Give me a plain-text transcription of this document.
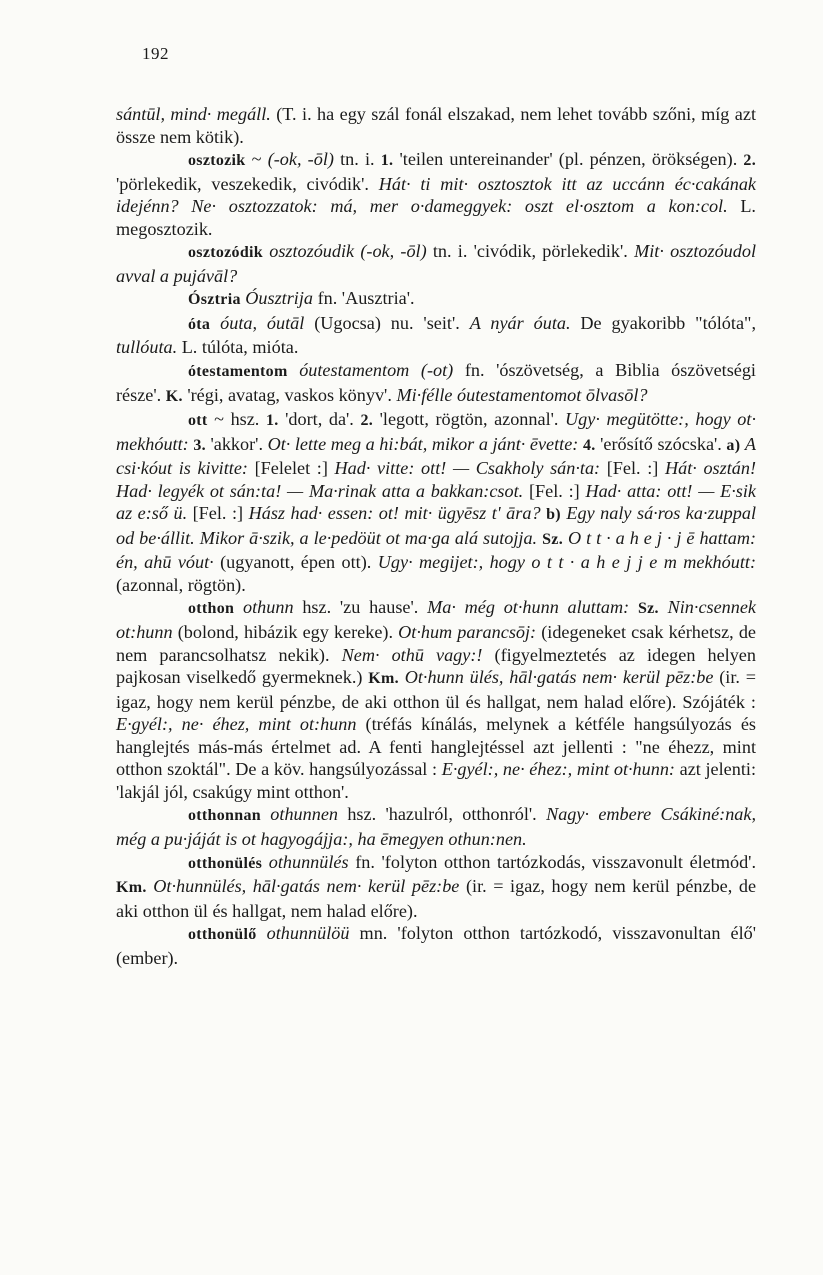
192

sántūl, mind· megáll. (T. i. ha egy szál fonál elszakad, nem lehet tovább szőni, míg azt össze nem kötik).

osztozik ~ (-ok, -ōl) tn. i. 1. 'teilen untereinander' (pl. pénzen, örökségen). 2. 'pörlekedik, veszekedik, civódik'. Hát· ti mit· osztosztok itt az uccánn éc·cakának idejénn? Ne· osztozzatok: má, mer o·dameggyek: oszt el·osztom a kon:col. L. megosztozik.

osztozódik osztozóudik (-ok, -ōl) tn. i. 'civódik, pörlekedik'. Mit· osztozóudol avval a pujávāl?

Ósztria Óusztrija fn. 'Ausztria'.

óta óuta, óutāl (Ugocsa) nu. 'seit'. A nyár óuta. De gyakoribb "tólóta", tullóuta. L. túlóta, mióta.

ótestamentom óutestamentom (-ot) fn. 'ószövetség, a Biblia ószövetségi része'. K. 'régi, avatag, vaskos könyv'. Mi·félle óutestamentomot ōlvasōl?

ott ~ hsz. 1. 'dort, da'. 2. 'legott, rögtön, azonnal'. Ugy· megütötte:, hogy ot· mekhóutt: 3. 'akkor'. Ot· lette meg a hi:bát, mikor a jánt· ēvette: 4. 'erősítő szócska'. a) A csi·kóut is kivitte: [Felelet :] Had· vitte: ott! — Csakholy sán·ta: [Fel. :] Hát· osztán! Had· legyék ot sán:ta! — Ma·rinak atta a bakkan:csot. [Fel. :] Had· atta: ott! — E·sik az e:ső ü. [Fel. :] Hász had· essen: ot! mit· ügyēsz t' āra? b) Egy naly sá·ros ka·zuppal od be·állit. Mikor ā·szik, a le·pedöüt ot ma·ga alá sutojja. Sz. O t t · a h e j · j ē hattam: én, ahū vóut· (ugyanott, épen ott). Ugy· megijet:, hogy o t t · a h e j j e m mekhóutt: (azonnal, rögtön).

otthon othunn hsz. 'zu hause'. Ma· még ot·hunn aluttam: Sz. Nin·csennek ot:hunn (bolond, hibázik egy kereke). Ot·hum parancsōj: (idegeneket csak kérhetsz, de nem parancsolhatsz nekik). Nem· othū vagy:! (figyelmeztetés az idegen helyen pajkosan viselkedő gyermeknek.) Km. Ot·hunn ülés, hāl·gatás nem· kerül pēz:be (ir. = igaz, hogy nem kerül pénzbe, de aki otthon ül és hallgat, nem halad előre). Szójáték : E·gyél:, ne· éhez, mint ot:hunn (tréfás kínálás, melynek a kétféle hangsúlyozás és hanglejtés más-más értelmet ad. A fenti hanglejtéssel azt jellenti : "ne éhezz, mint otthon szoktál". De a köv. hangsúlyozással : E·gyél:, ne· éhez:, mint ot·hunn: azt jelenti: 'lakjál jól, csakúgy mint otthon'.

otthonnan othunnen hsz. 'hazulról, otthonról'. Nagy· embere Csákiné:nak, még a pu·jáját is ot hagyogájja:, ha ēmegyen othun:nen.

otthonülés othunnülés fn. 'folyton otthon tartózkodás, visszavonult életmód'. Km. Ot·hunnülés, hāl·gatás nem· kerül pēz:be (ir. = igaz, hogy nem kerül pénzbe, de aki otthon ül és hallgat, nem halad előre).

otthonülő othunnülöü mn. 'folyton otthon tartózkodó, visszavonultan élő' (ember).
